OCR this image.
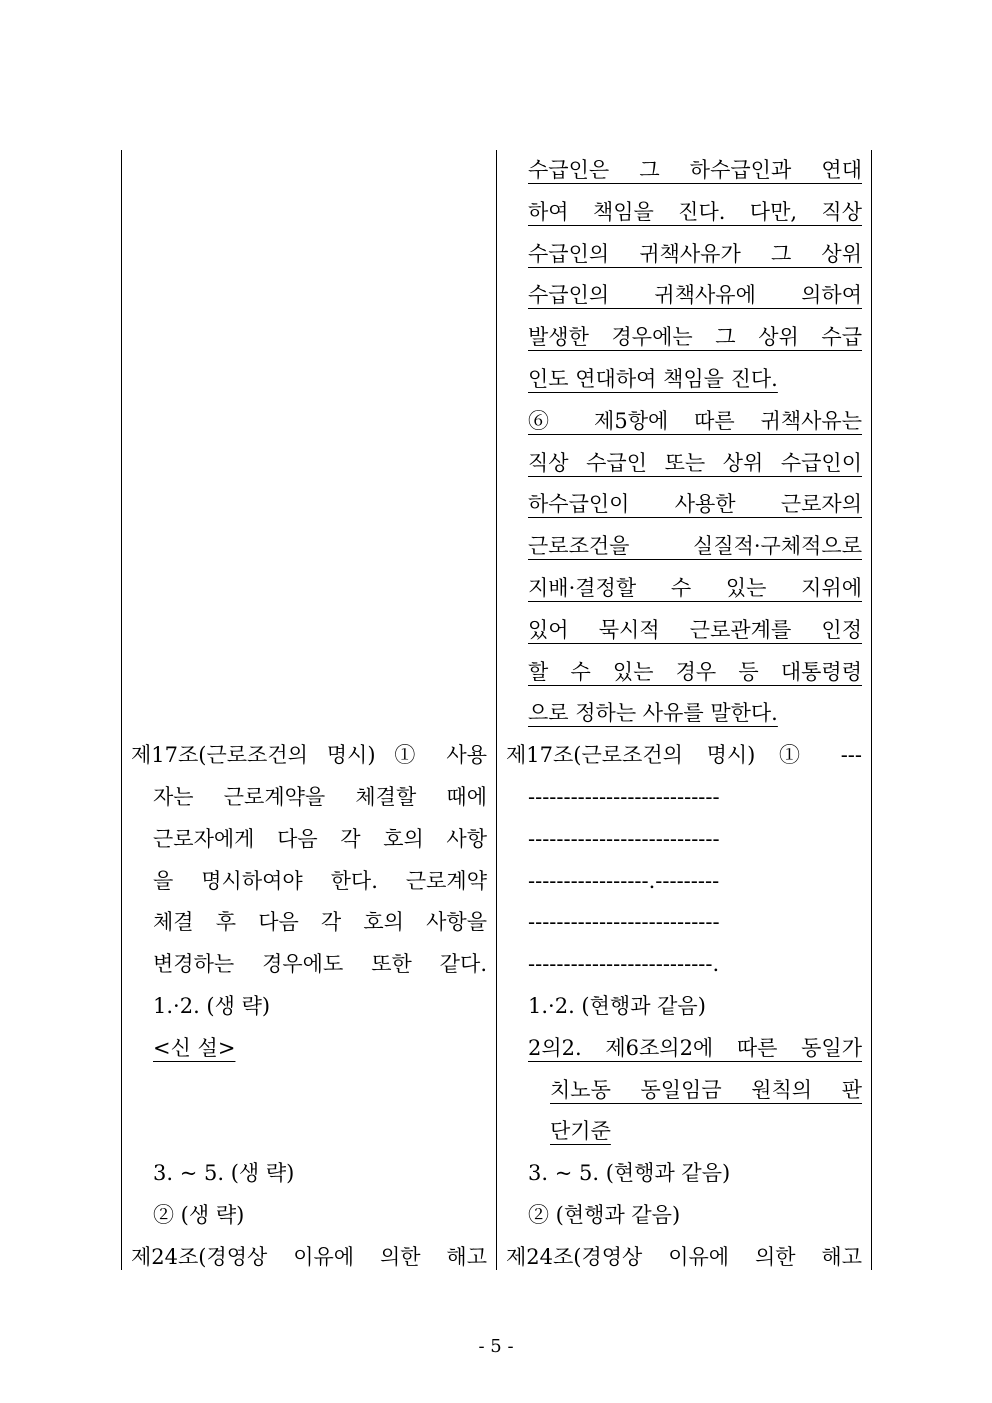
제17조(근로조건의 명시) ① 사용
자는 근로계약을 체결할 때에
근로자에게 다음 각 호의 사항
을 명시하여야 한다. 근로계약
체결 후 다음 각 호의 사항을
변경하는 경우에도 또한 같다.
1.·2. (생 략)
<신 설>
3. ~ 5. (생 략)
② (생 략)
제24조(경영상 이유에 의한 해고
수급인은 그 하수급인과 연대
하여 책임을 진다. 다만, 직상
수급인의 귀책사유가 그 상위
수급인의 귀책사유에 의하여
발생한 경우에는 그 상위 수급
인도 연대하여 책임을 진다.
⑥ 제5항에 따른 귀책사유는
직상 수급인 또는 상위 수급인이
하수급인이 사용한 근로자의
근로조건을 실질적·구체적으로
지배·결정할 수 있는 지위에
있어 묵시적 근로관계를 인정
할 수 있는 경우 등 대통령령
으로 정하는 사유를 말한다.
제17조(근로조건의 명시) ① ---
---------------------------
---------------------------
-----------------.---------
---------------------------
--------------------------.
1.·2. (현행과 같음)
2의2. 제6조의2에 따른 동일가
치노동 동일임금 원칙의 판
단기준
3. ~ 5. (현행과 같음)
② (현행과 같음)
제24조(경영상 이유에 의한 해고
- 5 -
